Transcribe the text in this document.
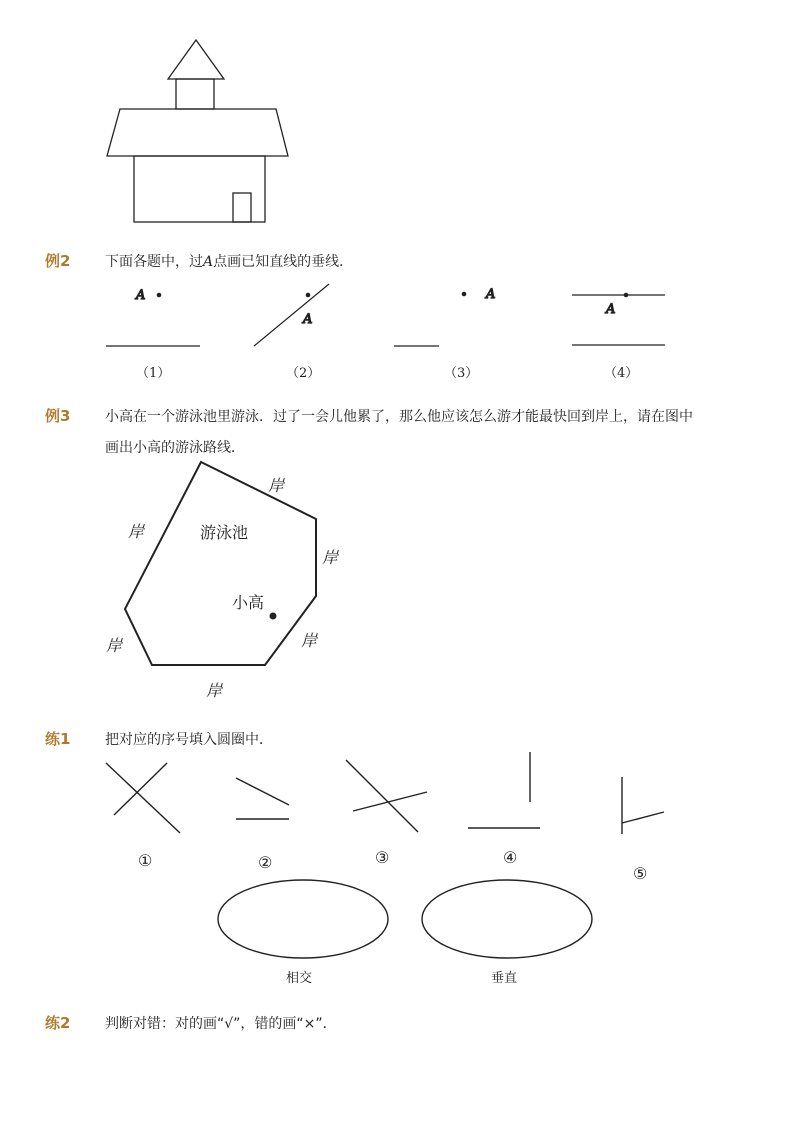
例2 下面各题中，过A点画已知直线的垂线．
A
A
A
A
（1）	（2）	（3）	（4）
例3 小高在一个游泳池里游泳．过了一会儿他累了，那么他应该怎么游才能最快回到岸上，请在图中
画出小高的游泳路线．
岸
岸
岸
岸
岸
岸
游泳池
小高
练1 把对应的序号填入圆圈中．
①	②	③	④
⑤
相交	垂直
练2 判断对错：对的画“√”，错的画“×”．
